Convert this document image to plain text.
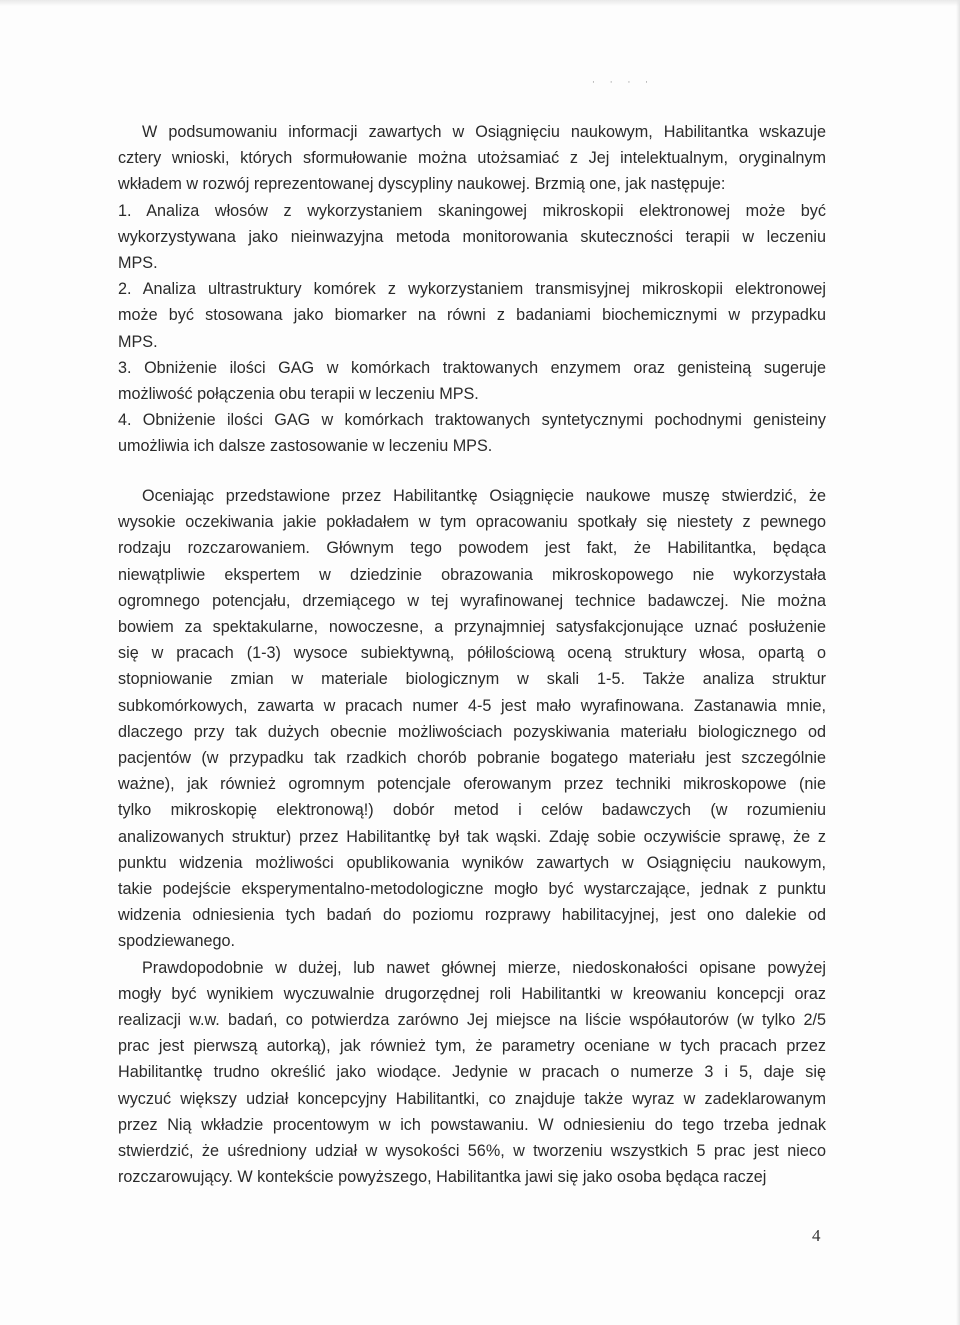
· · · ·
W podsumowaniu informacji zawartych w Osiągnięciu naukowym, Habilitantka wskazuje
cztery wnioski, których sformułowanie można utożsamiać z Jej intelektualnym, oryginalnym
wkładem w rozwój reprezentowanej dyscypliny naukowej. Brzmią one, jak następuje:
1. Analiza włosów z wykorzystaniem skaningowej mikroskopii elektronowej może być
wykorzystywana jako nieinwazyjna metoda monitorowania skuteczności terapii w leczeniu
MPS.
2. Analiza ultrastruktury komórek z wykorzystaniem transmisyjnej mikroskopii elektronowej
może być stosowana jako biomarker na równi z badaniami biochemicznymi w przypadku
MPS.
3. Obniżenie ilości GAG w komórkach traktowanych enzymem oraz genisteiną sugeruje
możliwość połączenia obu terapii w leczeniu MPS.
4. Obniżenie ilości GAG w komórkach traktowanych syntetycznymi pochodnymi genisteiny
umożliwia ich dalsze zastosowanie w leczeniu MPS.
Oceniając przedstawione przez Habilitantkę Osiągnięcie naukowe muszę stwierdzić, że
wysokie oczekiwania jakie pokładałem w tym opracowaniu spotkały się niestety z pewnego
rodzaju rozczarowaniem. Głównym tego powodem jest fakt, że Habilitantka, będąca
niewątpliwie ekspertem w dziedzinie obrazowania mikroskopowego nie wykorzystała
ogromnego potencjału, drzemiącego w tej wyrafinowanej technice badawczej. Nie można
bowiem za spektakularne, nowoczesne, a przynajmniej satysfakcjonujące uznać posłużenie
się w pracach (1-3) wysoce subiektywną, półilościową oceną struktury włosa, opartą o
stopniowanie zmian w materiale biologicznym w skali 1-5. Także analiza struktur
subkomórkowych, zawarta w pracach numer 4-5 jest mało wyrafinowana. Zastanawia mnie,
dlaczego przy tak dużych obecnie możliwościach pozyskiwania materiału biologicznego od
pacjentów (w przypadku tak rzadkich chorób pobranie bogatego materiału jest szczególnie
ważne), jak również ogromnym potencjale oferowanym przez techniki mikroskopowe (nie
tylko mikroskopię elektronową!) dobór metod i celów badawczych (w rozumieniu
analizowanych struktur) przez Habilitantkę był tak wąski. Zdaję sobie oczywiście sprawę, że z
punktu widzenia możliwości opublikowania wyników zawartych w Osiągnięciu naukowym,
takie podejście eksperymentalno-metodologiczne mogło być wystarczające, jednak z punktu
widzenia odniesienia tych badań do poziomu rozprawy habilitacyjnej, jest ono dalekie od
spodziewanego.
Prawdopodobnie w dużej, lub nawet głównej mierze, niedoskonałości opisane powyżej
mogły być wynikiem wyczuwalnie drugorzędnej roli Habilitantki w kreowaniu koncepcji oraz
realizacji w.w. badań, co potwierdza zarówno Jej miejsce na liście współautorów (w tylko 2/5
prac jest pierwszą autorką), jak również tym, że parametry oceniane w tych pracach przez
Habilitantkę trudno określić jako wiodące. Jedynie w pracach o numerze 3 i 5, daje się
wyczuć większy udział koncepcyjny Habilitantki, co znajduje także wyraz w zadeklarowanym
przez Nią wkładzie procentowym w ich powstawaniu. W odniesieniu do tego trzeba jednak
stwierdzić, że uśredniony udział w wysokości 56%, w tworzeniu wszystkich 5 prac jest nieco
rozczarowujący. W kontekście powyższego, Habilitantka jawi się jako osoba będąca raczej
4
